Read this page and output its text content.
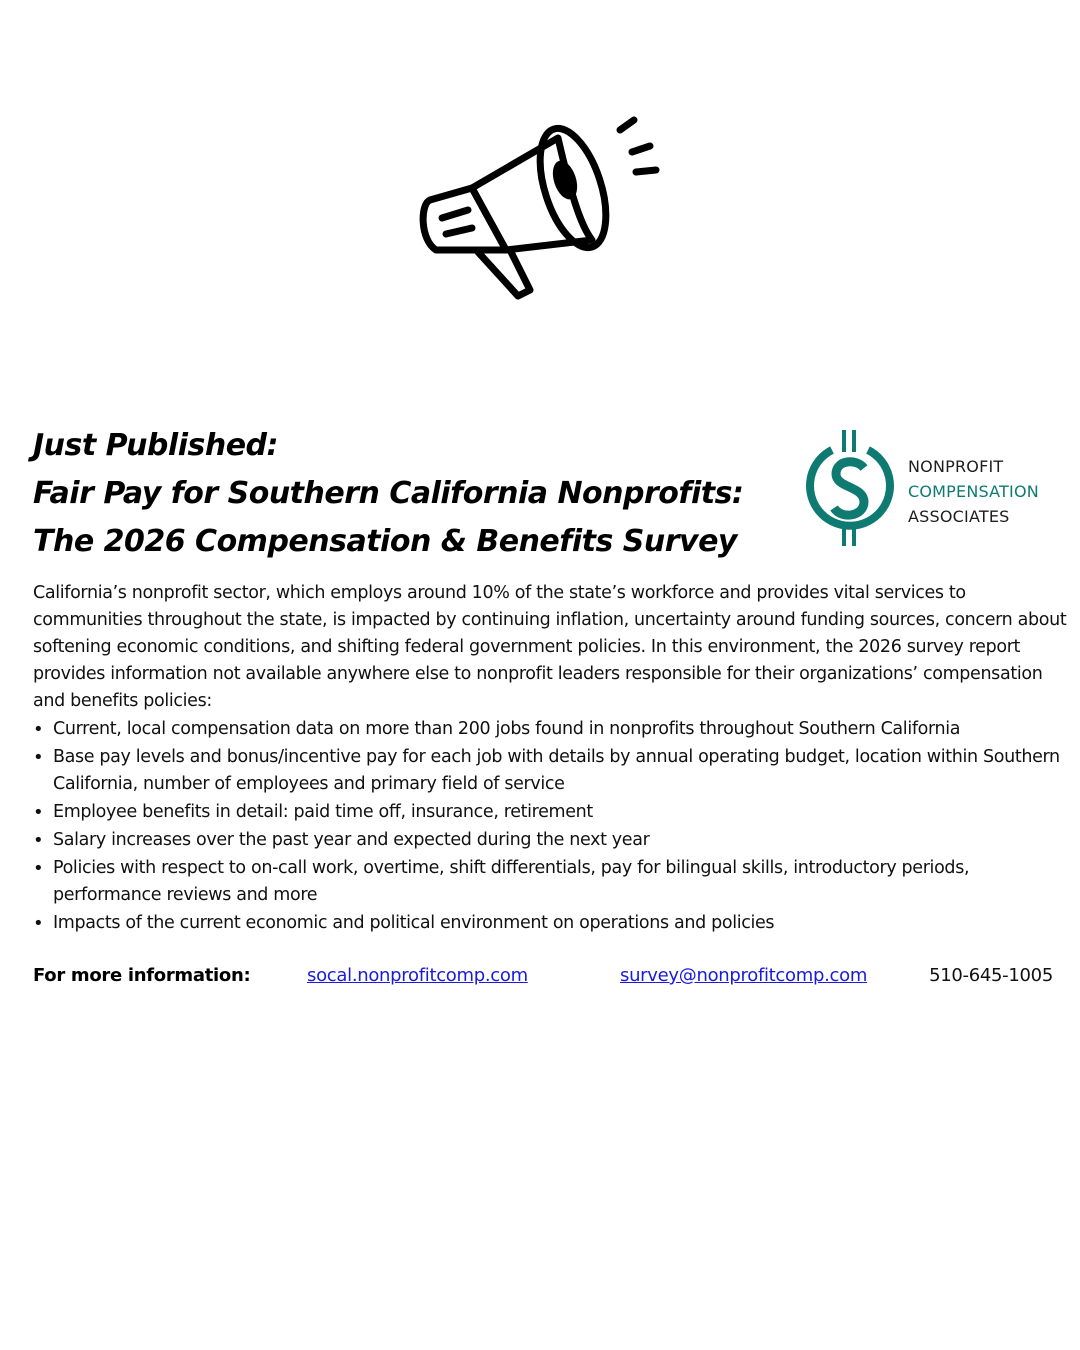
Just Published:
Fair Pay for Southern California Nonprofits:
The 2026 Compensation & Benefits Survey
NONPROFIT
COMPENSATION
ASSOCIATES

California’s nonprofit sector, which employs around 10% of the state’s workforce and provides vital services to communities throughout the state, is impacted by continuing inflation, uncertainty around funding sources, concern about softening economic conditions, and shifting federal government policies. In this environment, the 2026 survey report provides information not available anywhere else to nonprofit leaders responsible for their organizations’ compensation and benefits policies:

• Current, local compensation data on more than 200 jobs found in nonprofits throughout Southern California
• Base pay levels and bonus/incentive pay for each job with details by annual operating budget, location within Southern California, number of employees and primary field of service
• Employee benefits in detail: paid time off, insurance, retirement
• Salary increases over the past year and expected during the next year
• Policies with respect to on-call work, overtime, shift differentials, pay for bilingual skills, introductory periods, performance reviews and more
• Impacts of the current economic and political environment on operations and policies
For more information:	socal.nonprofitcomp.com	survey@nonprofitcomp.com	510-645-1005
